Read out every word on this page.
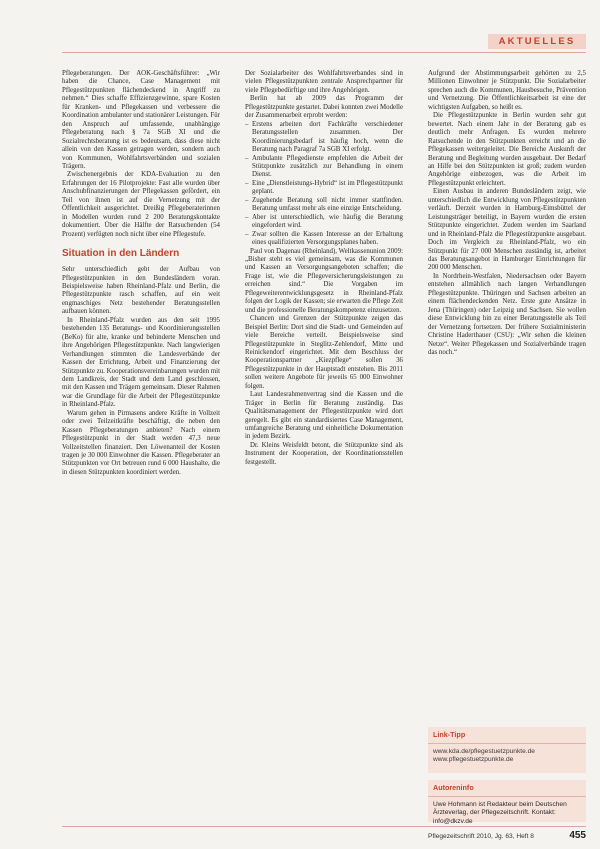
AKTUELLES

Pflegeberatungen. Der AOK-Geschäftsführer: „Wir haben die Chance, Case Management mit Pflegestützpunkten flächendeckend in Angriff zu nehmen.“ Dies schaffe Effizienzgewinne, spare Kosten für Kranken- und Pflegekassen und verbessere die Koordination ambulanter und stationärer Leistungen. Für den Anspruch auf umfassende, unabhängige Pflegeberatung nach § 7a SGB XI und die Sozialrechtsberatung ist es bedeutsam, dass diese nicht allein von den Kassen getragen werden, sondern auch von Kommunen, Wohlfahrtsverbänden und sozialen Trägern.

Zwischenergebnis der KDA-Evaluation zu den Erfahrungen der 16 Pilotprojekte: Fast alle wurden über Anschubfinanzierungen der Pflegekassen gefördert, ein Teil von ihnen ist auf die Vernetzung mit der Öffentlichkeit ausgerichtet. Dreißig Pflegeberaterinnen in Modellen wurden rund 2 200 Beratungskontakte dokumentiert. Über die Hälfte der Ratsuchenden (54 Prozent) verfügten noch nicht über eine Pflegestufe.

Situation in den Ländern

Sehr unterschiedlich geht der Aufbau von Pflegestützpunkten in den Bundesländern voran. Beispielsweise haben Rheinland-Pfalz und Berlin, die Pflegestützpunkte rasch schaffen, auf ein weit engmaschiges Netz bestehender Beratungsstellen aufbauen können.

In Rheinland-Pfalz wurden aus den seit 1995 bestehenden 135 Beratungs- und Koordinierungsstellen (BeKo) für alte, kranke und behinderte Menschen und ihre Angehörigen Pflegestützpunkte. Nach langwierigen Verhandlungen stimmten die Landesverbände der Kassen der Errichtung, Arbeit und Finanzierung der Stützpunkte zu. Kooperationsvereinbarungen wurden mit dem Landkreis, der Stadt und dem Land geschlossen, mit den Kassen und Trägern gemeinsam. Dieser Rahmen war die Grundlage für die Arbeit der Pflegestützpunkte in Rheinland-Pfalz.

Warum gehen in Pirmasens andere Kräfte in Vollzeit oder zwei Teilzeitkräfte beschäftigt, die neben den Kassen Pflegeberatungen anbieten? Nach einem Pflegestützpunkt in der Stadt werden 47,3 neue Vollzeitstellen finanziert. Den Löwenanteil der Kosten tragen je 30 000 Einwohner die Kassen. Pflegeberater an Stützpunkten vor Ort betreuen rund 6 000 Haushalte, die in diesen Stützpunkten koordiniert werden.

Der Sozialarbeiter des Wohlfahrtsverbandes sind in vielen Pflegestützpunkten zentrale Ansprechpartner für viele Pflegebedürftige und ihre Angehörigen.

Berlin hat ab 2009 das Programm der Pflegestützpunkte gestartet. Dabei konnten zwei Modelle der Zusammenarbeit erprobt werden:

– Erstens arbeiten dort Fachkräfte verschiedener Beratungsstellen zusammen. Der Koordinierungsbedarf ist häufig hoch, wenn die Beratung nach Paragraf 7a SGB XI erfolgt.
– Ambulante Pflegedienste empfehlen die Arbeit der Stützpunkte zusätzlich zur Behandlung in einem Dienst.
– Eine „Dienstleistungs-Hybrid“ ist im Pflegestützpunkt geplant.
– Zugehende Beratung soll nicht immer stattfinden. Beratung umfasst mehr als eine einzige Entscheidung.
– Aber ist unterschiedlich, wie häufig die Beratung eingefordert wird.
– Zwar sollten die Kassen Interesse an der Erhaltung eines qualifizierten Versorgungsplanes haben.

Paul von Dagenau (Rheinland), Weltkassenunion 2009: „Bisher steht es viel gemeinsam, was die Kommunen und Kassen an Versorgungsangeboten schaffen; die Frage ist, wie die Pflegeversicherungsleistungen zu erreichen sind.“ Die Vorgaben im Pflegeweiterentwicklungsgesetz in Rheinland-Pfalz folgen der Logik der Kassen; sie erwarten die Pflege Zeit und die professionelle Beratungskompetenz einzusetzen.

Chancen und Grenzen der Stützpunkte zeigen das Beispiel Berlin: Dort sind die Stadt- und Gemeinden auf viele Bereiche verteilt. Beispielsweise sind Pflegestützpunkte in Steglitz-Zehlendorf, Mitte und Reinickendorf eingerichtet. Mit dem Beschluss der Kooperationspartner „Kiezpflege“ sollen 36 Pflegestützpunkte in der Hauptstadt entstehen. Bis 2011 sollen weitere Angebote für jeweils 65 000 Einwohner folgen.

Laut Landesrahmenvertrag sind die Kassen und die Träger in Berlin für Beratung zuständig. Das Qualitätsmanagement der Pflegestützpunkte wird dort geregelt. Es gibt ein standardisiertes Case Management, umfangreiche Beratung und einheitliche Dokumentation in jedem Bezirk.

Dr. Kleins Weisfeldt betont, die Stützpunkte sind als Instrument der Kooperation, der Koordinationsstellen festgestellt.

Aufgrund der Abstimmungsarbeit gehörten zu 2,5 Millionen Einwohner je Stützpunkt. Die Sozialarbeiter sprechen auch die Kommunen, Hausbesuche, Prävention und Vernetzung. Die Öffentlichkeitsarbeit ist eine der wichtigsten Aufgaben, so heißt es.

Die Pflegestützpunkte in Berlin wurden sehr gut bewertet. Nach einem Jahr in der Beratung gab es deutlich mehr Anfragen. Es wurden mehrere Ratsuchende in den Stützpunkten erreicht und an die Pflegekassen weitergeleitet. Die Bereiche Auskunft der Beratung und Begleitung wurden ausgebaut. Der Bedarf an Hilfe bei den Stützpunkten ist groß; zudem wurden Angehörige einbezogen, was die Arbeit im Pflegestützpunkt erleichtert.

Einen Ausbau in anderen Bundesländern zeigt, wie unterschiedlich die Entwicklung von Pflegestützpunkten verläuft. Derzeit wurden in Hamburg-Eimsbüttel der Leistungsträger beteiligt, in Bayern wurden die ersten Stützpunkte eingerichtet. Zudem werden im Saarland und in Rheinland-Pfalz die Pflegestützpunkte ausgebaut. Doch im Vergleich zu Rheinland-Pfalz, wo ein Stützpunkt für 27 000 Menschen zuständig ist, arbeitet das Beratungsangebot in Hamburger Einrichtungen für 200 000 Menschen.

In Nordrhein-Westfalen, Niedersachsen oder Bayern entstehen allmählich nach langen Verhandlungen Pflegestützpunkte. Thüringen und Sachsen arbeiten an einem flächendeckenden Netz. Erste gute Ansätze in Jena (Thüringen) oder Leipzig und Sachsen. Sie wollen diese Entwicklung hin zu einer Beratungsstelle als Teil der Vernetzung fortsetzen. Der frühere Sozialministerin Christine Haderthauer (CSU): „Wir sehen die kleinen Netze“. Weiter Pflegekassen und Sozialverbände tragen das noch.“

Link-Tipp
www.kda.de/pflegestuetzpunkte.de
www.pflegestuetzpunkte.de
Autoreninfo
Uwe Hohmann ist Redakteur beim Deutschen Ärzteverlag, der Pflegezeitschrift. Kontakt: info@dkzv.de
Pflegezeitschrift 2010, Jg. 63, Heft 8	455
